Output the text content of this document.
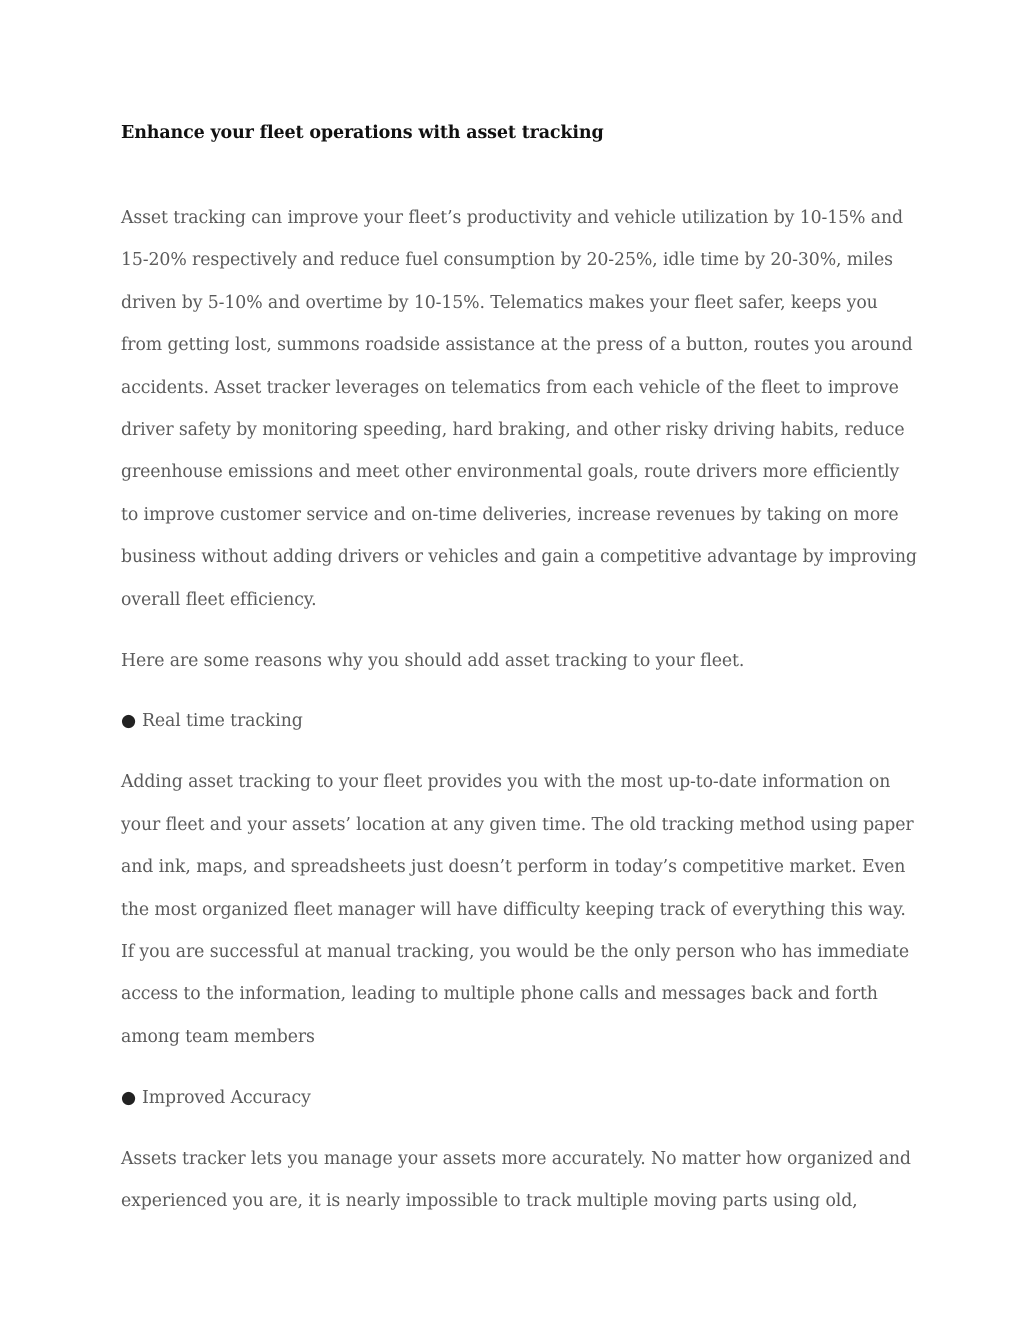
Enhance your fleet operations with asset tracking

Asset tracking can improve your fleet’s productivity and vehicle utilization by 10-15% and
15-20% respectively and reduce fuel consumption by 20-25%, idle time by 20-30%, miles
driven by 5-10% and overtime by 10-15%. Telematics makes your fleet safer, keeps you
from getting lost, summons roadside assistance at the press of a button, routes you around
accidents. Asset tracker leverages on telematics from each vehicle of the fleet to improve
driver safety by monitoring speeding, hard braking, and other risky driving habits, reduce
greenhouse emissions and meet other environmental goals, route drivers more efficiently
to improve customer service and on-time deliveries, increase revenues by taking on more
business without adding drivers or vehicles and gain a competitive advantage by improving
overall fleet efficiency.

Here are some reasons why you should add asset tracking to your fleet.

● Real time tracking

Adding asset tracking to your fleet provides you with the most up-to-date information on
your fleet and your assets’ location at any given time. The old tracking method using paper
and ink, maps, and spreadsheets just doesn’t perform in today’s competitive market. Even
the most organized fleet manager will have difficulty keeping track of everything this way.
If you are successful at manual tracking, you would be the only person who has immediate
access to the information, leading to multiple phone calls and messages back and forth
among team members

● Improved Accuracy

Assets tracker lets you manage your assets more accurately. No matter how organized and
experienced you are, it is nearly impossible to track multiple moving parts using old,
